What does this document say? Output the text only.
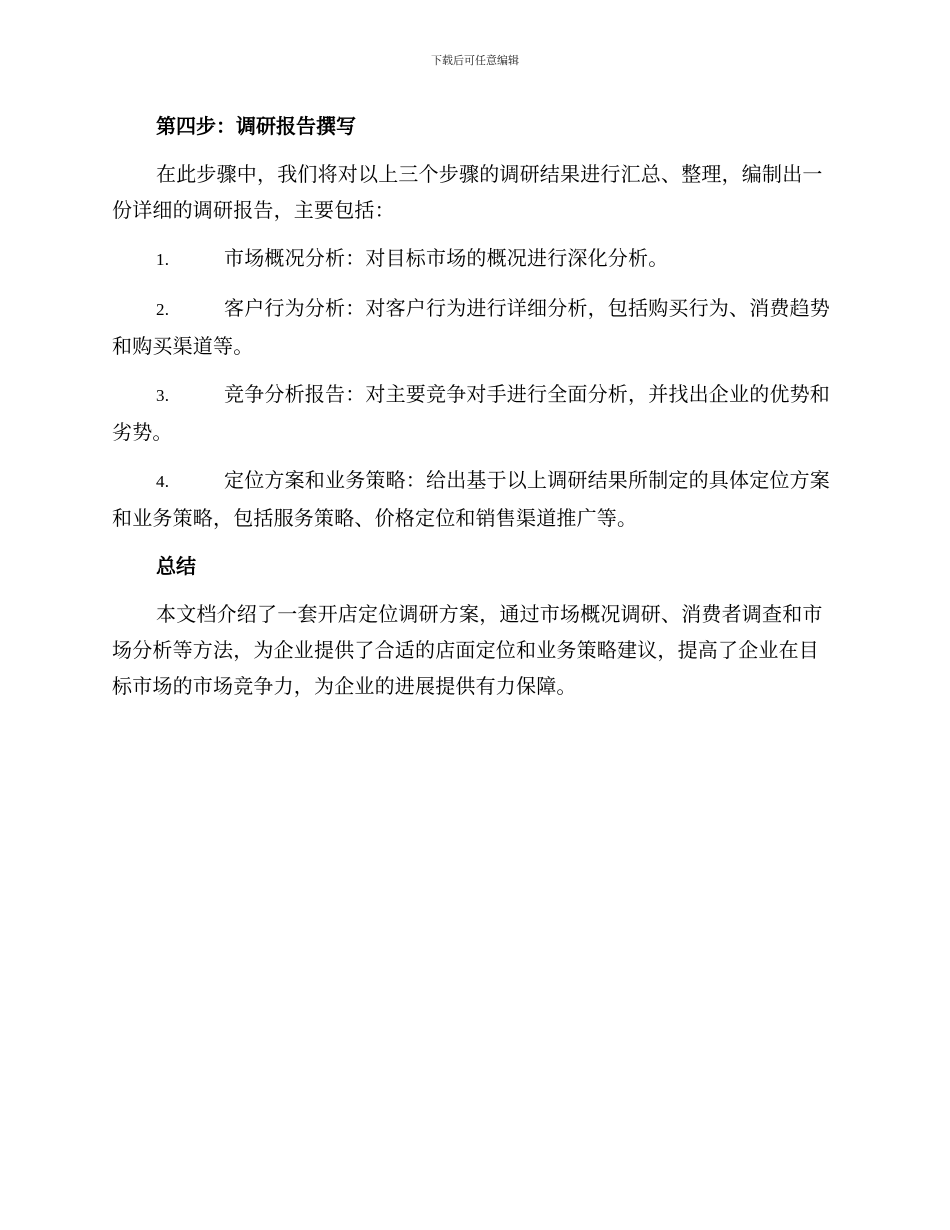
下载后可任意编辑
第四步：调研报告撰写

在此步骤中，我们将对以上三个步骤的调研结果进行汇总、整理，编制出一份详细的调研报告，主要包括：

1.	市场概况分析：对目标市场的概况进行深化分析。
2.	客户行为分析：对客户行为进行详细分析，包括购买行为、消费趋势和购买渠道等。
3.	竞争分析报告：对主要竞争对手进行全面分析，并找出企业的优势和劣势。
4.	定位方案和业务策略：给出基于以上调研结果所制定的具体定位方案和业务策略，包括服务策略、价格定位和销售渠道推广等。
总结

本文档介绍了一套开店定位调研方案，通过市场概况调研、消费者调查和市场分析等方法，为企业提供了合适的店面定位和业务策略建议，提高了企业在目标市场的市场竞争力，为企业的进展提供有力保障。
